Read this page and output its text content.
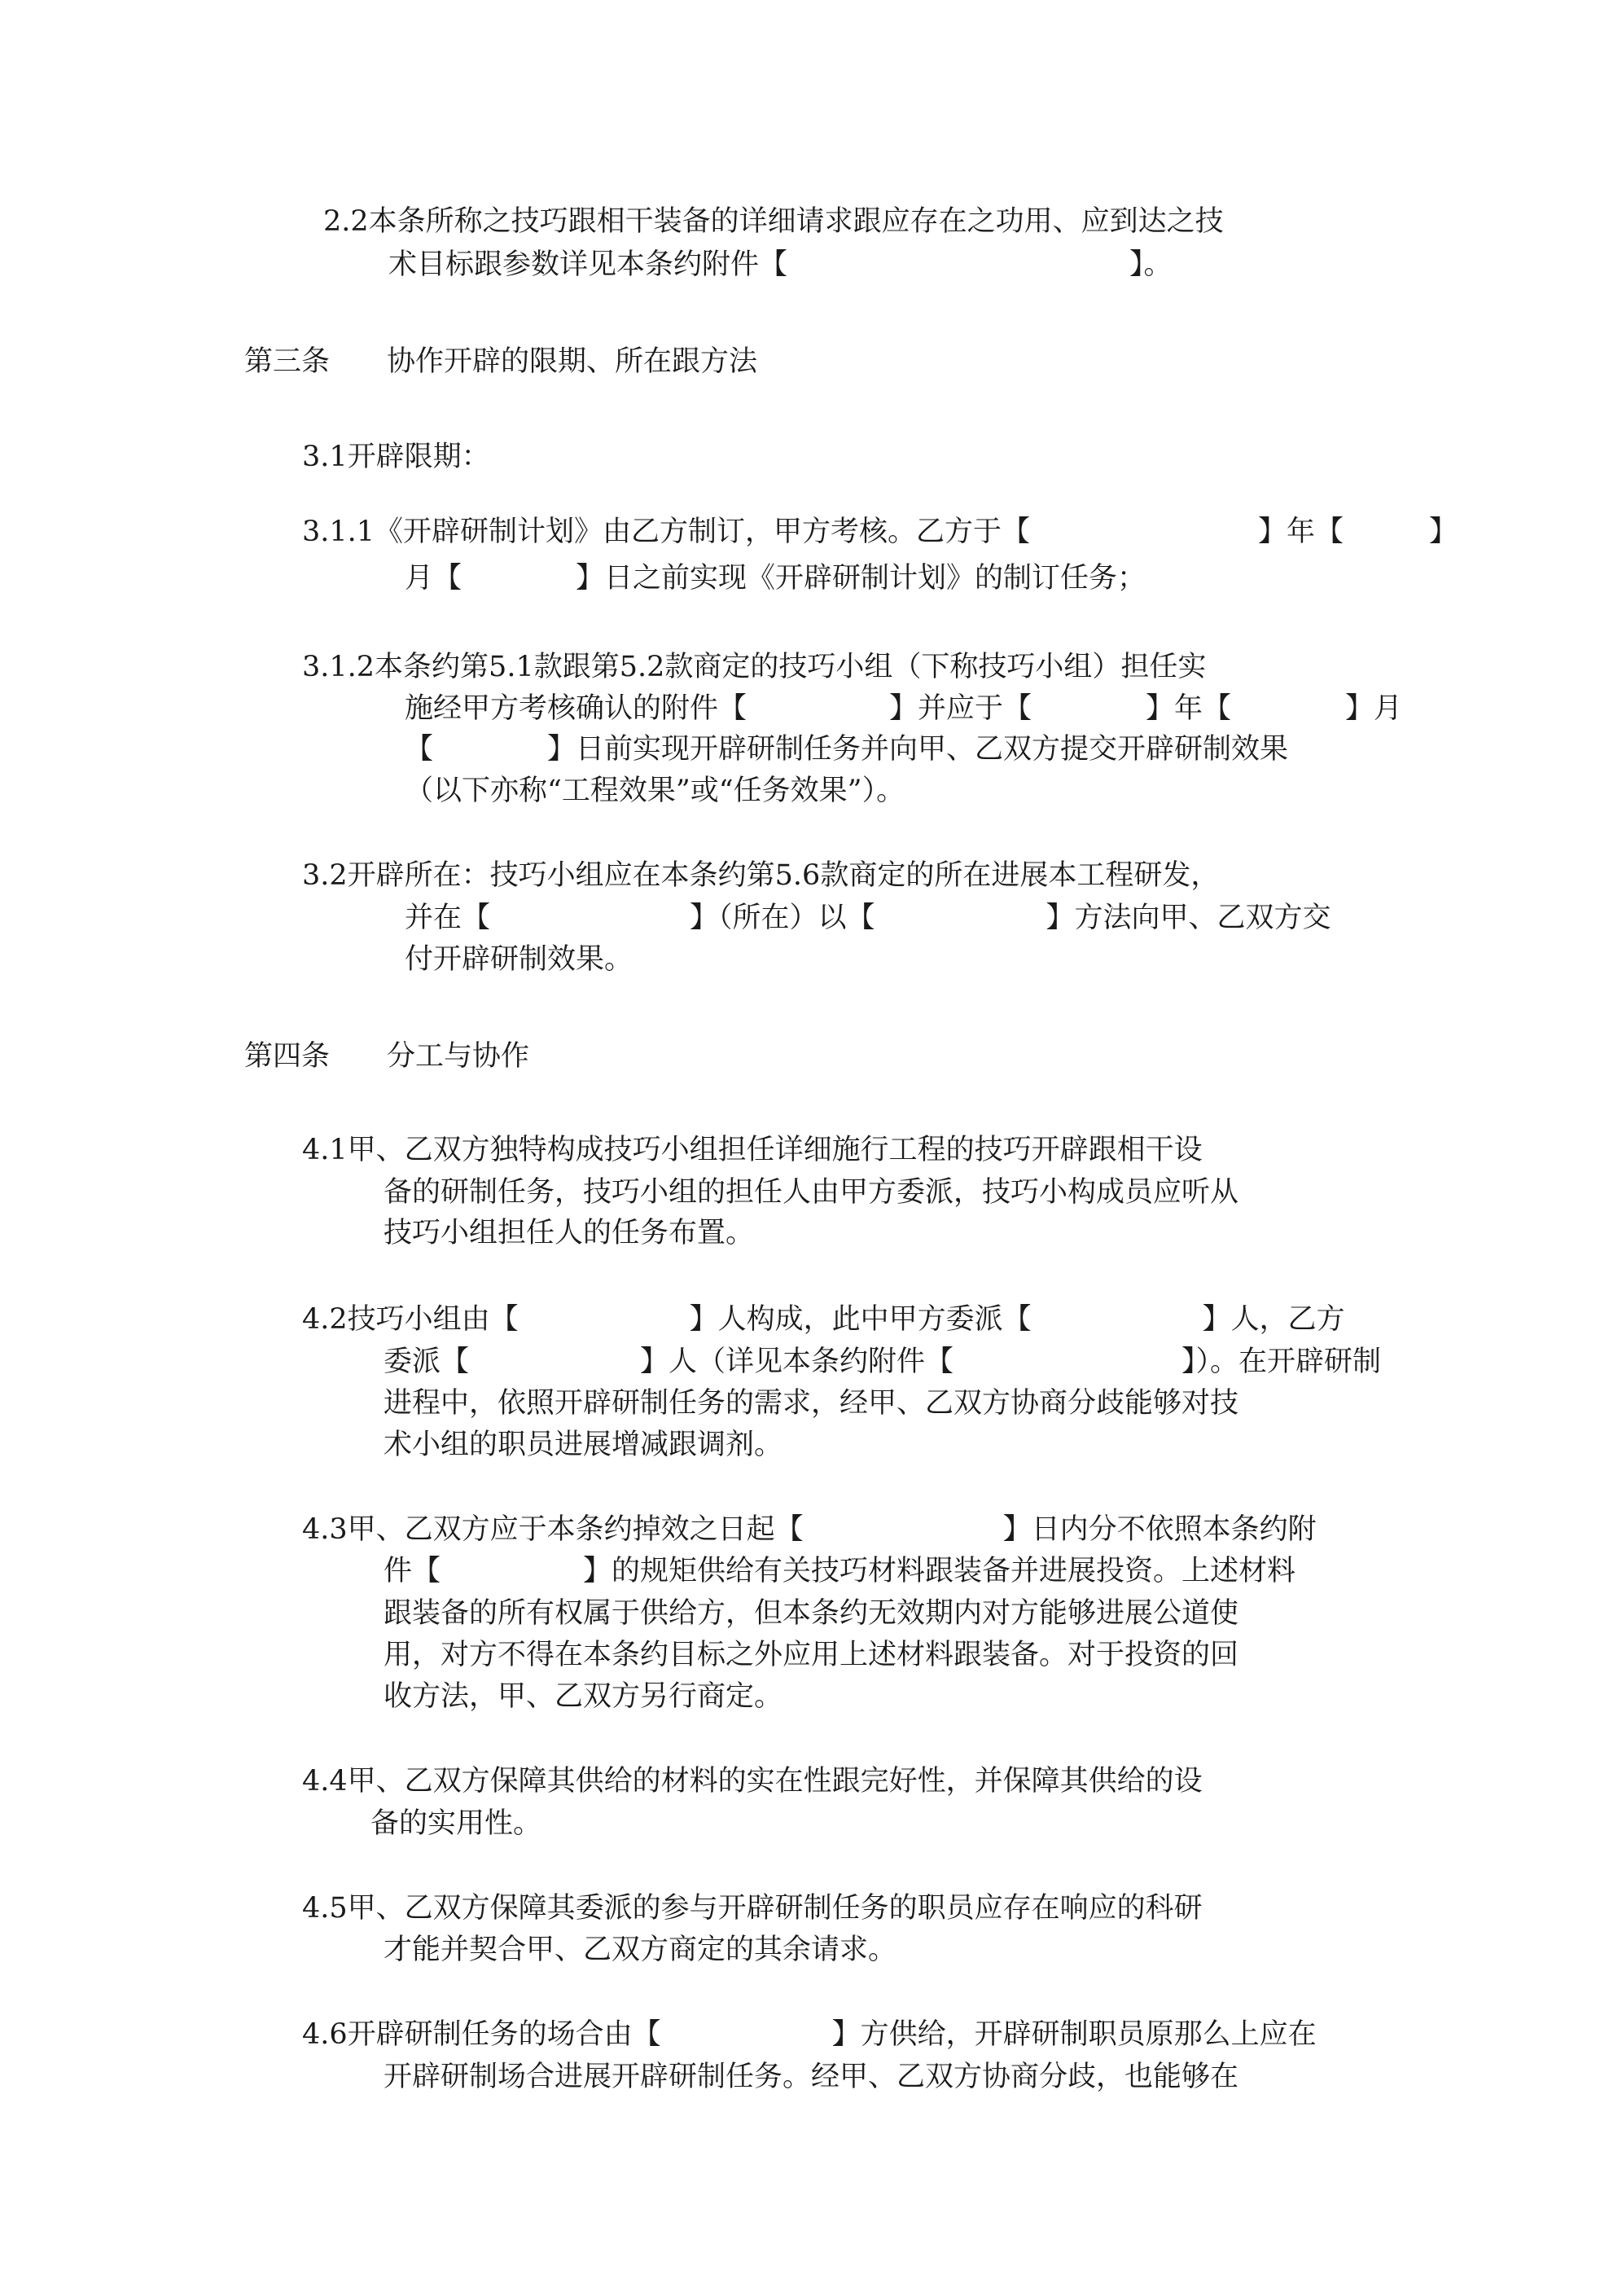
2.2本条所称之技巧跟相干装备的详细请求跟应存在之功用、应到达之技
术目标跟参数详见本条约附件【　　　　　　　　　　　　】。
第三条　　协作开辟的限期、所在跟方法
3.1开辟限期：
3.1.1《开辟研制计划》由乙方制订，甲方考核。乙方于【　　　　　　　　】年【　　　】
月【　　　　】日之前实现《开辟研制计划》的制订任务；
3.1.2本条约第5.1款跟第5.2款商定的技巧小组（下称技巧小组）担任实
施经甲方考核确认的附件【　　　　　】并应于【　　　　】年【　　　　】月
【　　　　】日前实现开辟研制任务并向甲、乙双方提交开辟研制效果
（以下亦称“工程效果”或“任务效果”）。
3.2开辟所在：技巧小组应在本条约第5.6款商定的所在进展本工程研发，
并在【　　　　　　　】（所在）以【　　　　　　】方法向甲、乙双方交
付开辟研制效果。
第四条　　分工与协作
4.1甲、乙双方独特构成技巧小组担任详细施行工程的技巧开辟跟相干设
备的研制任务，技巧小组的担任人由甲方委派，技巧小构成员应听从
技巧小组担任人的任务布置。
4.2技巧小组由【　　　　　　】人构成，此中甲方委派【　　　　　　】人，乙方
委派【　　　　　　】人（详见本条约附件【　　　　　　　　】）。在开辟研制
进程中，依照开辟研制任务的需求，经甲、乙双方协商分歧能够对技
术小组的职员进展增减跟调剂。
4.3甲、乙双方应于本条约掉效之日起【　　　　　　　】日内分不依照本条约附
件【　　　　　】的规矩供给有关技巧材料跟装备并进展投资。上述材料
跟装备的所有权属于供给方，但本条约无效期内对方能够进展公道使
用，对方不得在本条约目标之外应用上述材料跟装备。对于投资的回
收方法，甲、乙双方另行商定。
4.4甲、乙双方保障其供给的材料的实在性跟完好性，并保障其供给的设
备的实用性。
4.5甲、乙双方保障其委派的参与开辟研制任务的职员应存在响应的科研
才能并契合甲、乙双方商定的其余请求。
4.6开辟研制任务的场合由【　　　　　　】方供给，开辟研制职员原那么上应在
开辟研制场合进展开辟研制任务。经甲、乙双方协商分歧，也能够在
